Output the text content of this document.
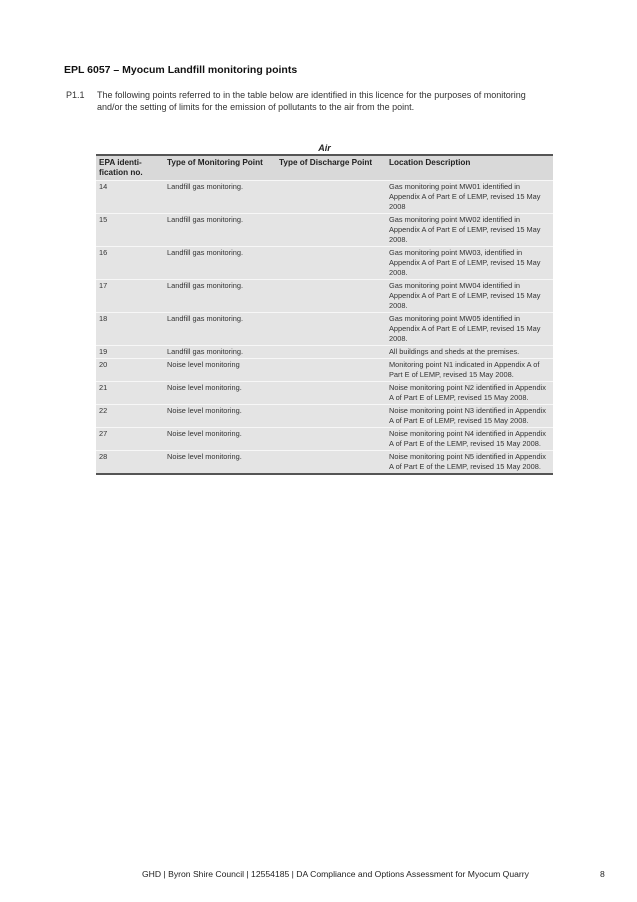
EPL 6057 – Myocum Landfill monitoring points
P1.1 The following points referred to in the table below are identified in this licence for the purposes of monitoring and/or the setting of limits for the emission of pollutants to the air from the point.
Air
EPA identi-fication no.	Type of Monitoring Point	Type of Discharge Point	Location Description
14	Landfill gas monitoring.		Gas monitoring point MW01 identified in Appendix A of Part E of LEMP, revised 15 May 2008
15	Landfill gas monitoring.		Gas monitoring point MW02 identified in Appendix A of Part E of LEMP, revised 15 May 2008.
16	Landfill gas monitoring.		Gas monitoring point MW03, identified in Appendix A of Part E of LEMP, revised 15 May 2008.
17	Landfill gas monitoring.		Gas monitoring point MW04 identified in Appendix A of Part E of LEMP, revised 15 May 2008.
18	Landfill gas monitoring.		Gas monitoring point MW05 identified in Appendix A of Part E of LEMP, revised 15 May 2008.
19	Landfill gas monitoring.		All buildings and sheds at the premises.
20	Noise level monitoring		Monitoring point N1 indicated in Appendix A of Part E of LEMP, revised 15 May 2008.
21	Noise level monitoring.		Noise monitoring point N2 identified in Appendix A of Part E of LEMP, revised 15 May 2008.
22	Noise level monitoring.		Noise monitoring point N3 identified in Appendix A of Part E of LEMP, revised 15 May 2008.
27	Noise level monitoring.		Noise monitoring point N4 identified in Appendix A of Part E of the LEMP, revised 15 May 2008.
28	Noise level monitoring.		Noise monitoring point N5 identified in Appendix A of Part E of the LEMP, revised 15 May 2008.
GHD | Byron Shire Council | 12554185 | DA Compliance and Options Assessment for Myocum Quarry	8
